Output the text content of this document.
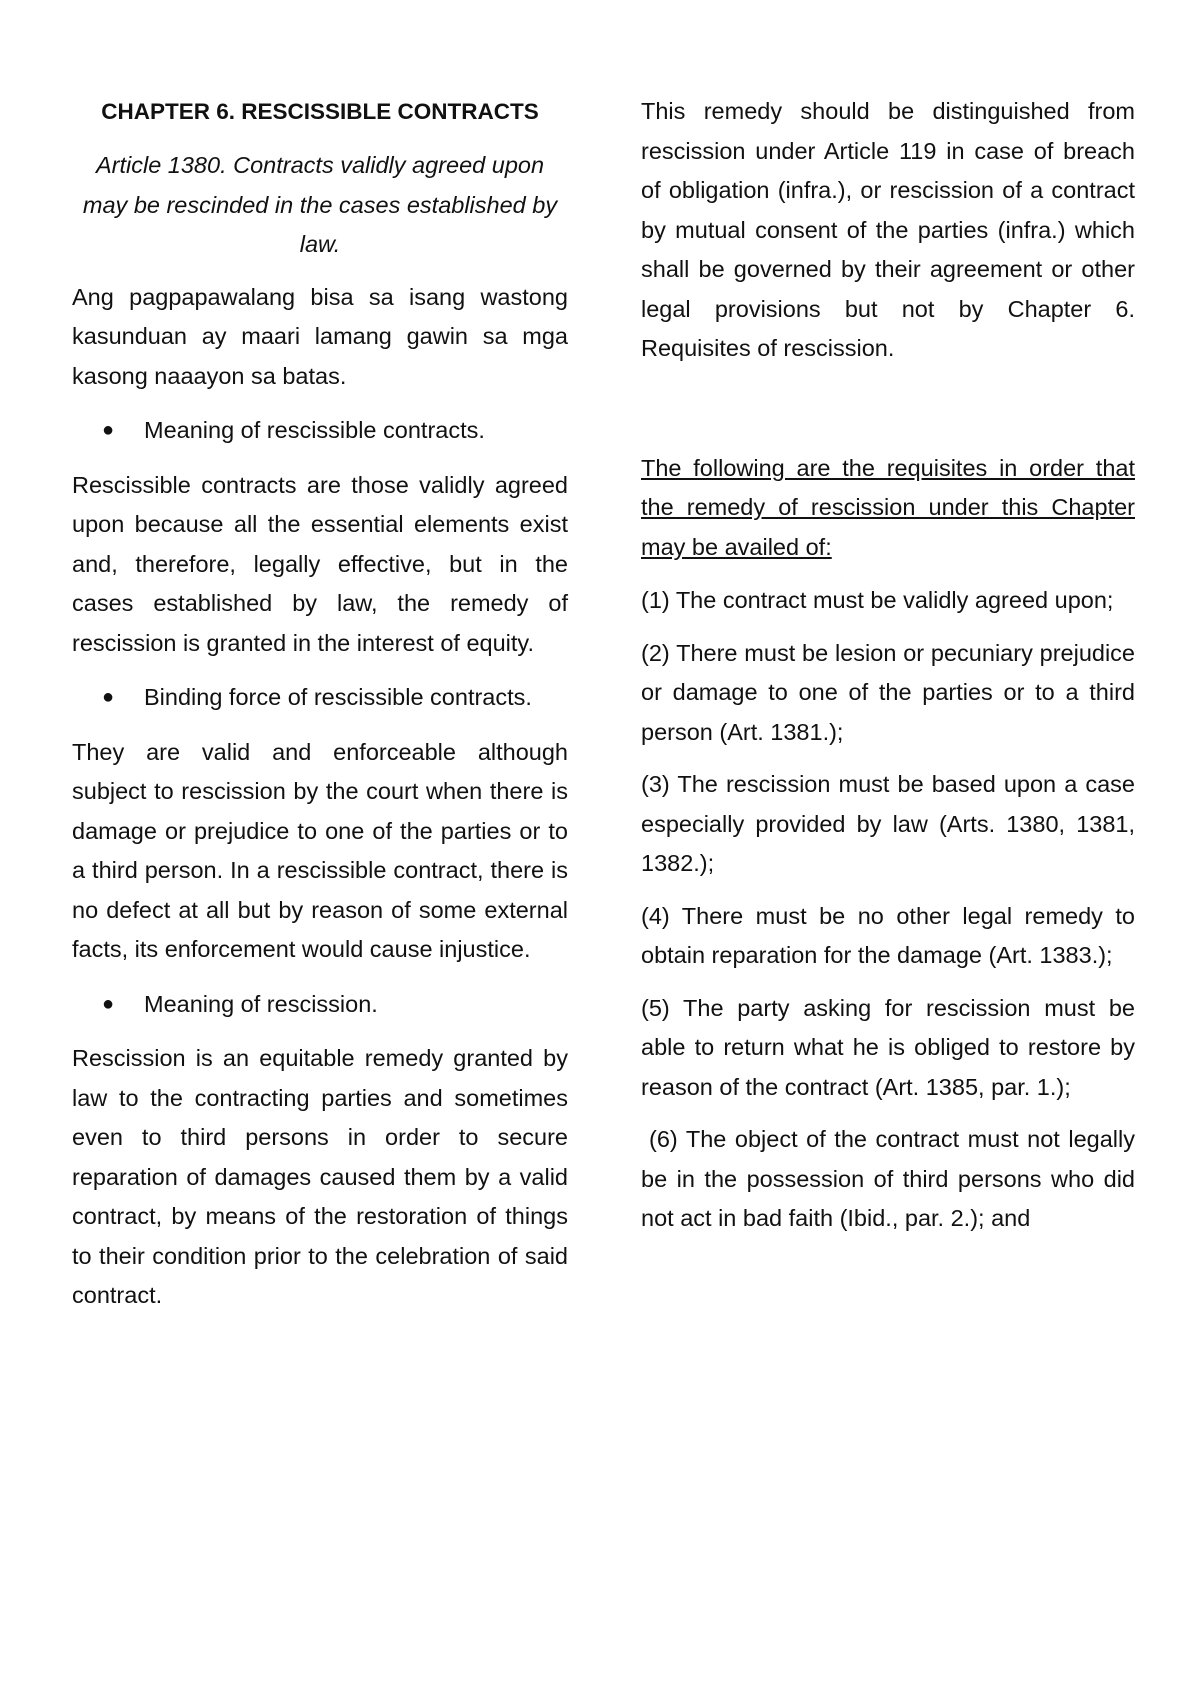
CHAPTER 6. RESCISSIBLE CONTRACTS

Article 1380. Contracts validly agreed upon may be rescinded in the cases established by law.

Ang pagpapawalang bisa sa isang wastong kasunduan ay maari lamang gawin sa mga kasong naaayon sa batas.

●	Meaning of rescissible contracts.

Rescissible contracts are those validly agreed upon because all the essential elements exist and, therefore, legally effective, but in the cases established by law, the remedy of rescission is granted in the interest of equity.

●	Binding force of rescissible contracts.

They are valid and enforceable although subject to rescission by the court when there is damage or prejudice to one of the parties or to a third person. In a rescissible contract, there is no defect at all but by reason of some external facts, its enforcement would cause injustice.

●	Meaning of rescission.

Rescission is an equitable remedy granted by law to the contracting parties and sometimes even to third persons in order to secure reparation of damages caused them by a valid contract, by means of the restoration of things to their condition prior to the celebration of said contract.

This remedy should be distinguished from rescission under Article 119 in case of breach of obligation (infra.), or rescission of a contract by mutual consent of the parties (infra.) which shall be governed by their agreement or other legal provisions but not by Chapter 6. Requisites of rescission.

The following are the requisites in order that the remedy of rescission under this Chapter may be availed of:

(1) The contract must be validly agreed upon;

(2) There must be lesion or pecuniary prejudice or damage to one of the parties or to a third person (Art. 1381.);

(3) The rescission must be based upon a case especially provided by law (Arts. 1380, 1381, 1382.);

(4) There must be no other legal remedy to obtain reparation for the damage (Art. 1383.);

(5) The party asking for rescission must be able to return what he is obliged to restore by reason of the contract (Art. 1385, par. 1.);

(6) The object of the contract must not legally be in the possession of third persons who did not act in bad faith (Ibid., par. 2.); and
